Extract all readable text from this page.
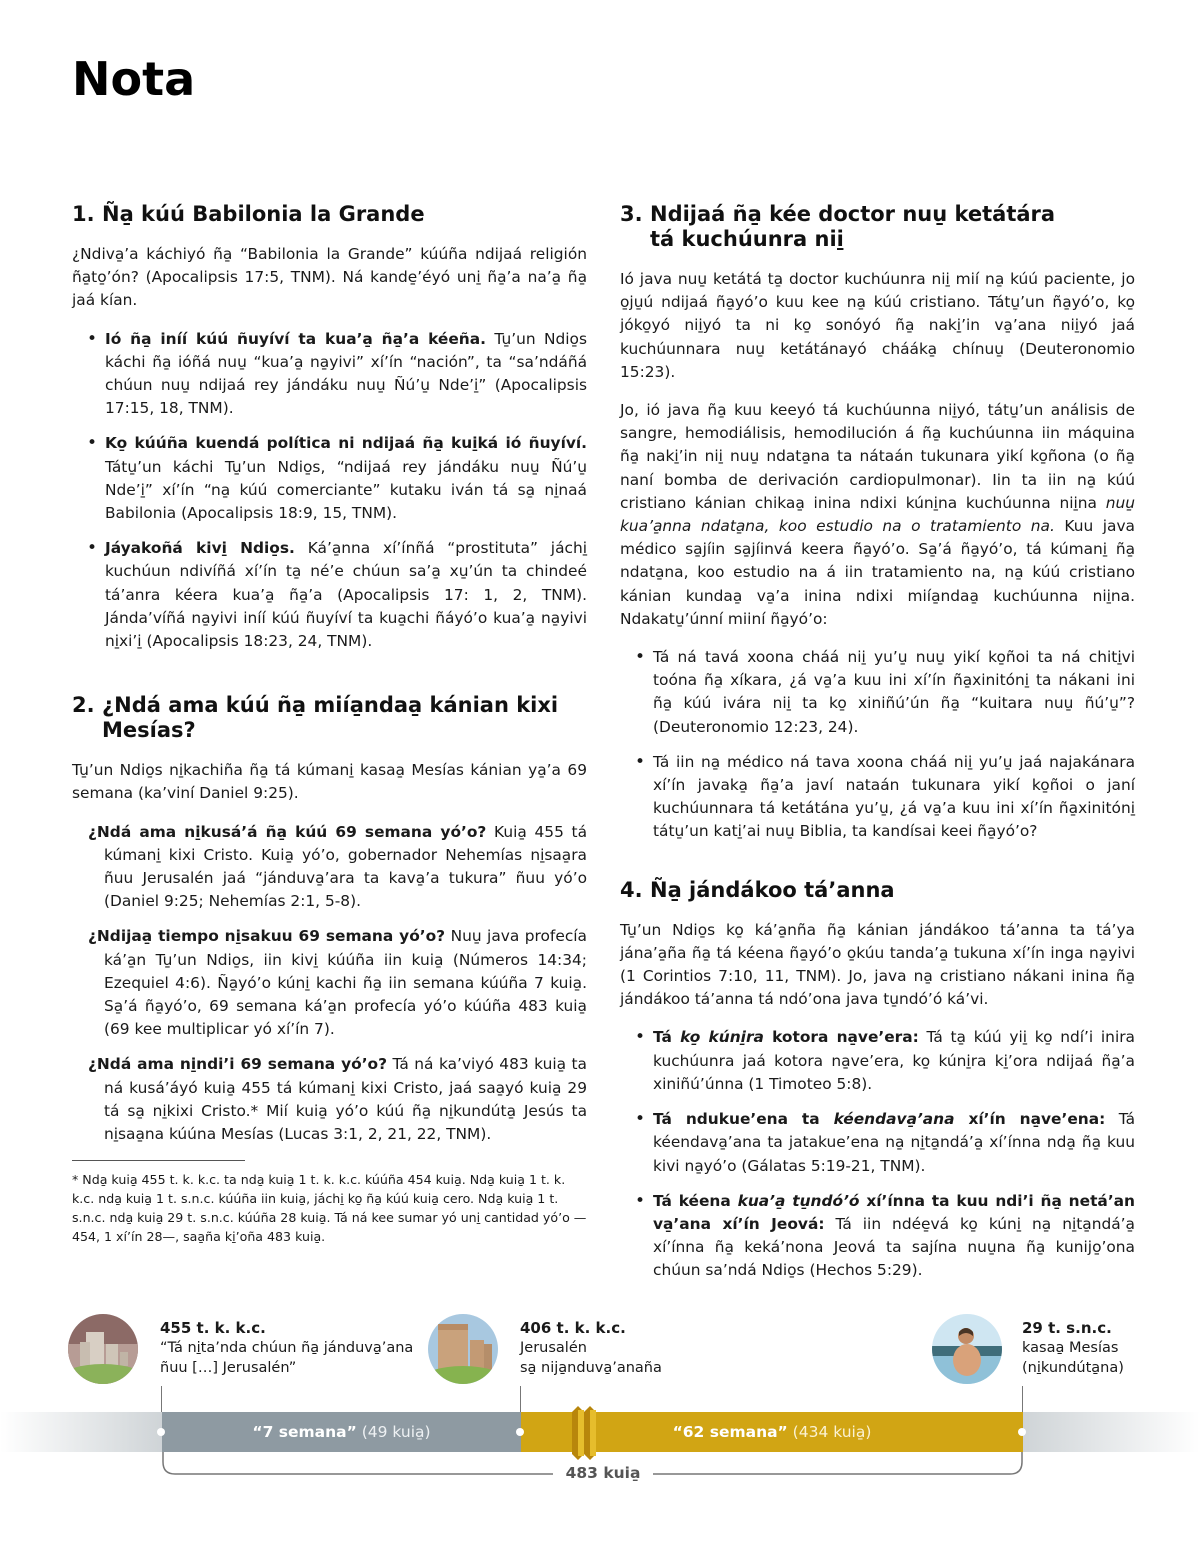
Nota
1. Ña̱ kúú Babilonia la Grande

¿Ndiva̱’a káchiyó ña̱ “Babilonia la Grande” kúúña ndijaá religión ña̱to̱’ón? (Apocalipsis 17:5, TNM). Ná kande̱’éyó uni̱ ña̱’a na’a̱ ña̱ jaá kían.

• Ió ña̱ iníí kúú ñuyíví ta kua’a̱ ña̱’a kéeña. Tu̱’un Ndio̱s káchi ña̱ ióñá nuu̱ “kua’a̱ na̱yivi” xí’ín “nación”, ta “sa’ndáñá chúun nuu̱ ndijaá rey jándáku nuu̱ Ñú’u̱ Nde’i̱” (Apocalipsis 17:15, 18, TNM).
• Ko̱ kúúña kuendá política ni ndijaá ña̱ kui̱ká ió ñuyíví. Tátu̱’un káchi Tu̱’un Ndio̱s, “ndijaá rey jándáku nuu̱ Ñú’u̱ Nde’i̱” xí’ín “na̱ kúú comerciante” kutaku iván tá sa̱ ni̱naá Babilonia (Apocalipsis 18:9, 15, TNM).
• Jáyakoñá kivi̱ Ndio̱s. Ká’a̱nna xí’ínñá “prostituta” jáchi̱ kuchúun ndivíñá xí’ín ta̱ né’e chúun sa’a̱ xu̱’ún ta chindeé tá’anra kéera kua’a̱ ña̱’a (Apocalipsis 17: 1, 2, TNM). Jánda’víñá na̱yivi iníí kúú ñuyíví ta kua̱chi ñáyó’o kua’a̱ na̱yivi ni̱xi’i̱ (Apocalipsis 18:23, 24, TNM).
2. ¿Ndá ama kúú ña̱ miía̱ndaa̱ kánian kixi
Mesías?

Tu̱’un Ndio̱s ni̱kachiña ña̱ tá kúmani̱ kasaa̱ Mesías kánian ya̱’a 69 semana (ka’viní Daniel 9:25).

¿Ndá ama ni̱kusá’á ña̱ kúú 69 semana yó’o? Kuia̱ 455 tá kúmani̱ kixi Cristo. Kuia̱ yó’o, gobernador Nehemías ni̱saa̱ra ñuu Jerusalén jaá “jánduva̱’ara ta kava̱’a tukura” ñuu yó’o (Daniel 9:25; Nehemías 2:1, 5-8).

¿Ndijaa̱ tiempo ni̱sakuu 69 semana yó’o? Nuu̱ java profecía ká’a̱n Tu̱’un Ndio̱s, iin kivi̱ kúúña iin kuia̱ (Números 14:34; Ezequiel 4:6). Ña̱yó’o kúni̱ kachi ña̱ iin semana kúúña 7 kuia̱. Sa̱’á ña̱yó’o, 69 semana ká’a̱n profecía yó’o kúúña 483 kuia̱ (69 kee multiplicar yó xí’ín 7).

¿Ndá ama ni̱ndi’i 69 semana yó’o? Tá ná ka’viyó 483 kuia̱ ta ná kusá’áyó kuia̱ 455 tá kúmani̱ kixi Cristo, jaá saa̱yó kuia̱ 29 tá sa̱ ni̱kixi Cristo.* Mií kuia̱ yó’o kúú ña̱ ni̱kundúta̱ Jesús ta ni̱saa̱na kúúna Mesías (Lucas 3:1, 2, 21, 22, TNM).

* Nda̱ kuia̱ 455 t. k. k.c. ta nda̱ kuia̱ 1 t. k. k.c. kúúña 454 kuia̱. Nda̱ kuia̱ 1 t. k. k.c. nda̱ kuia̱ 1 t. s.n.c. kúúña iin kuia̱, jáchi̱ ko̱ ña̱ kúú kuia̱ cero. Nda̱ kuia̱ 1 t. s.n.c. nda̱ kuia̱ 29 t. s.n.c. kúúña 28 kuia̱. Tá ná kee sumar yó uni̱ cantidad yó’o —454, 1 xí’ín 28—, saa̱ña ki̱’oña 483 kuia̱.

3. Ndijaá ña̱ kée doctor nuu̱ ketátára
tá kuchúunra nii̱

Ió java nuu̱ ketátá ta̱ doctor kuchúunra nii̱ mií na̱ kúú paciente, jo o̱ju̱ú ndijaá ña̱yó’o kuu kee na̱ kúú cristiano. Tátu̱’un ña̱yó’o, ko̱ jóko̱yó nii̱yó ta ni ko̱ sonóyó ña̱ naki̱’in va̱’ana nii̱yó jaá kuchúunnara nuu̱ ketátánayó chááka̱ chínuu̱ (Deuteronomio 15:23).

Jo, ió java ña̱ kuu keeyó tá kuchúunna nii̱yó, tátu̱’un análisis de sangre, hemodiálisis, hemodilución á ña̱ kuchúunna iin máquina ña̱ naki̱’in nii̱ nuu̱ ndata̱na ta nátaán tukunara yikí ko̱ñona (o ña̱ naní bomba de derivación cardiopulmonar). Iin ta iin na̱ kúú cristiano kánian chikaa̱ inina ndixi kúni̱na kuchúunna nii̱na nuu̱ kua’a̱nna ndata̱na, koo estudio na o tratamiento na. Kuu java médico sa̱jíin sa̱jíinvá keera ña̱yó’o. Sa̱’á ña̱yó’o, tá kúmani̱ ña̱ ndata̱na, koo estudio na á iin tratamiento na, na̱ kúú cristiano kánian kundaa̱ va̱’a inina ndixi miía̱ndaa̱ kuchúunna nii̱na. Ndakatu̱’únní miiní ña̱yó’o:

• Tá ná tavá xoona cháá nii̱ yu’u̱ nuu̱ yikí ko̱ñoi ta ná chiti̱vi toóna ña̱ xíkara, ¿á va̱’a kuu ini xí’ín ña̱xinitóni̱ ta nákani ini ña̱ kúú ivára nii̱ ta ko̱ xiniñú’ún ña̱ “kuitara nuu̱ ñú’u̱”? (Deuteronomio 12:23, 24).
• Tá iin na̱ médico ná tava xoona cháá nii̱ yu’u̱ jaá najakánara xí’ín javaka̱ ña̱’a javí nataán tukunara yikí ko̱ñoi o janí kuchúunnara tá ketátána yu’u̱, ¿á va̱’a kuu ini xí’ín ña̱xinitóni̱ tátu̱’un kati̱’ai nuu̱ Biblia, ta kandísai keei ña̱yó’o?
4. Ña̱ jándákoo tá’anna

Tu̱’un Ndio̱s ko̱ ká’a̱nña ña̱ kánian jándákoo tá’anna ta tá’ya jána’a̱ña ña̱ tá kéena ña̱yó’o o̱kúu tanda’a̱ tukuna xí’ín inga na̱yivi (1 Corintios 7:10, 11, TNM). Jo, java na̱ cristiano nákani inina ña̱ jándákoo tá’anna tá ndó’ona java tu̱ndó’ó ká’vi.

• Tá ko̱ kúni̱ra kotora na̱ve’era: Tá ta̱ kúú yii̱ ko̱ ndí’i inira kuchúunra jaá kotora na̱ve’era, ko̱ kúni̱ra ki̱’ora ndijaá ña̱’a xiniñú’únna (1 Timoteo 5:8).
• Tá ndukue’ena ta kéendava̱’ana xí’ín na̱ve’ena: Tá kéendava̱’ana ta jatakue’ena na̱ ni̱ta̱ndá’a̱ xí’ínna nda̱ ña̱ kuu kivi na̱yó’o (Gálatas 5:19-21, TNM).
• Tá kéena kua’a̱ tu̱ndó’ó xí’ínna ta kuu ndi’i ña̱ netá’an va̱’ana xí’ín Jeová: Tá iin ndée̱vá ko̱ kúni̱ na̱ ni̱ta̱ndá’a̱ xí’ínna ña̱ keká’nona Jeová ta sajína nuu̱na ña̱ kunijo̱’ona chúun sa’ndá Ndio̱s (Hechos 5:29).
455 t. k. k.c.
“Tá ni̱ta’nda chúun ña̱ jánduva̱’ana
ñuu […] Jerusalén”
406 t. k. k.c.
Jerusalén
sa̱ nija̱nduva̱’anaña
29 t. s.n.c.
kasaa̱ Mesías
(ni̱kundúta̱na)
“7 semana” (49 kuia̱)	“62 semana” (434 kuia̱)
483 kuia̱
